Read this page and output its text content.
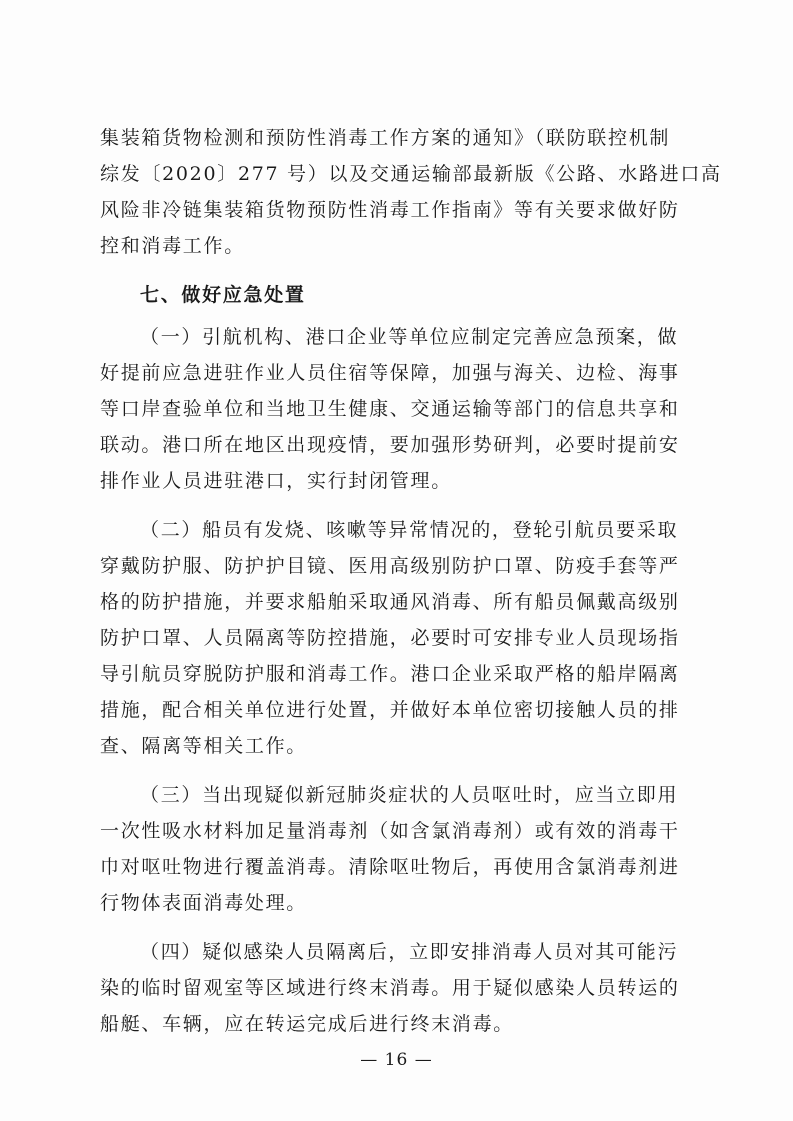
集装箱货物检测和预防性消毒工作方案的通知》（联防联控机制
综发〔2020〕277 号）以及交通运输部最新版《公路、水路进口高
风险非冷链集装箱货物预防性消毒工作指南》等有关要求做好防
控和消毒工作。
七、做好应急处置
（一）引航机构、港口企业等单位应制定完善应急预案，做
好提前应急进驻作业人员住宿等保障，加强与海关、边检、海事
等口岸查验单位和当地卫生健康、交通运输等部门的信息共享和
联动。港口所在地区出现疫情，要加强形势研判，必要时提前安
排作业人员进驻港口，实行封闭管理。
（二）船员有发烧、咳嗽等异常情况的，登轮引航员要采取
穿戴防护服、防护护目镜、医用高级别防护口罩、防疫手套等严
格的防护措施，并要求船舶采取通风消毒、所有船员佩戴高级别
防护口罩、人员隔离等防控措施，必要时可安排专业人员现场指
导引航员穿脱防护服和消毒工作。港口企业采取严格的船岸隔离
措施，配合相关单位进行处置，并做好本单位密切接触人员的排
查、隔离等相关工作。
（三）当出现疑似新冠肺炎症状的人员呕吐时，应当立即用
一次性吸水材料加足量消毒剂（如含氯消毒剂）或有效的消毒干
巾对呕吐物进行覆盖消毒。清除呕吐物后，再使用含氯消毒剂进
行物体表面消毒处理。
（四）疑似感染人员隔离后，立即安排消毒人员对其可能污
染的临时留观室等区域进行终末消毒。用于疑似感染人员转运的
船艇、车辆，应在转运完成后进行终末消毒。
— 16 —
